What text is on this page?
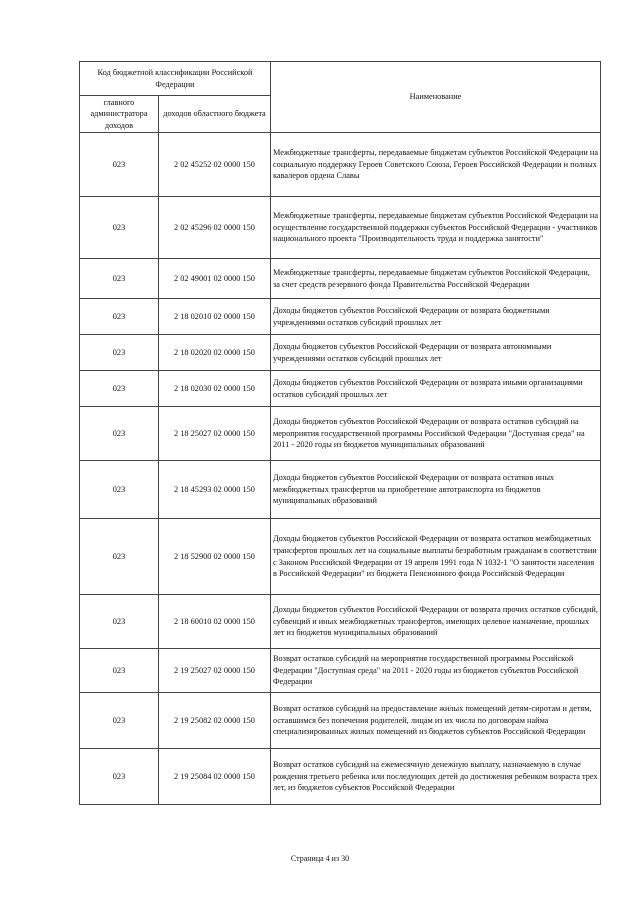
Код бюджетной классификации Российской Федерации		Наименование
главного администратора доходов	доходов областного бюджета	
023	2 02 45252 02 0000 150	Межбюджетные трансферты, передаваемые бюджетам субъектов Российской Федерации на социальную поддержку Героев Советского Союза, Героев Российской Федерации и полных кавалеров ордена Славы
023	2 02 45296 02 0000 150	Межбюджетные трансферты, передаваемые бюджетам субъектов Российской Федерации на осуществление государственной поддержки субъектов Российской Федерации - участников национального проекта "Производительность труда и поддержка занятости"
023	2 02 49001 02 0000 150	Межбюджетные трансферты, передаваемые бюджетам субъектов Российской Федерации, за счет средств резервного фонда Правительства Российской Федерации
023	2 18 02010 02 0000 150	Доходы бюджетов субъектов Российской Федерации от возврата бюджетными учреждениями остатков субсидий прошлых лет
023	2 18 02020 02 0000 150	Доходы бюджетов субъектов Российской Федерации от возврата автономными учреждениями остатков субсидий прошлых лет
023	2 18 02030 02 0000 150	Доходы бюджетов субъектов Российской Федерации от возврата иными организациями остатков субсидий прошлых лет
023	2 18 25027 02 0000 150	Доходы бюджетов субъектов Российской Федерации от возврата остатков субсидий на мероприятия государственной программы Российской Федерации "Доступная среда" на 2011 - 2020 годы из бюджетов муниципальных образований
023	2 18 45293 02 0000 150	Доходы бюджетов субъектов Российской Федерации от возврата остатков иных межбюджетных трансфертов на приобретение автотранспорта из бюджетов муниципальных образований
023	2 18 52900 02 0000 150	Доходы бюджетов субъектов Российской Федерации от возврата остатков межбюджетных трансфертов прошлых лет на социальные выплаты безработным гражданам в соответствии с Законом Российской Федерации от 19 апреля 1991 года N 1032-1 "О занятости населения в Российской Федерации" из бюджета Пенсионного фонда Российской Федерации
023	2 18 60010 02 0000 150	Доходы бюджетов субъектов Российской Федерации от возврата прочих остатков субсидий, субвенций и иных межбюджетных трансфертов, имеющих целевое назначение, прошлых лет из бюджетов муниципальных образований
023	2 19 25027 02 0000 150	Возврат остатков субсидий на мероприятия государственной программы Российской Федерации "Доступная среда" на 2011 - 2020 годы из бюджетов субъектов Российской Федерации
023	2 19 25082 02 0000 150	Возврат остатков субсидий на предоставление жилых помещений детям-сиротам и детям, оставшимся без попечения родителей, лицам из их числа по договорам найма специализированных жилых помещений из бюджетов субъектов Российской Федерации
023	2 19 25084 02 0000 150	Возврат остатков субсидий на ежемесячную денежную выплату, назначаемую в случае рождения третьего ребенка или последующих детей до достижения ребенком возраста трех лет, из бюджетов субъектов Российской Федерации
Страница 4 из 30
